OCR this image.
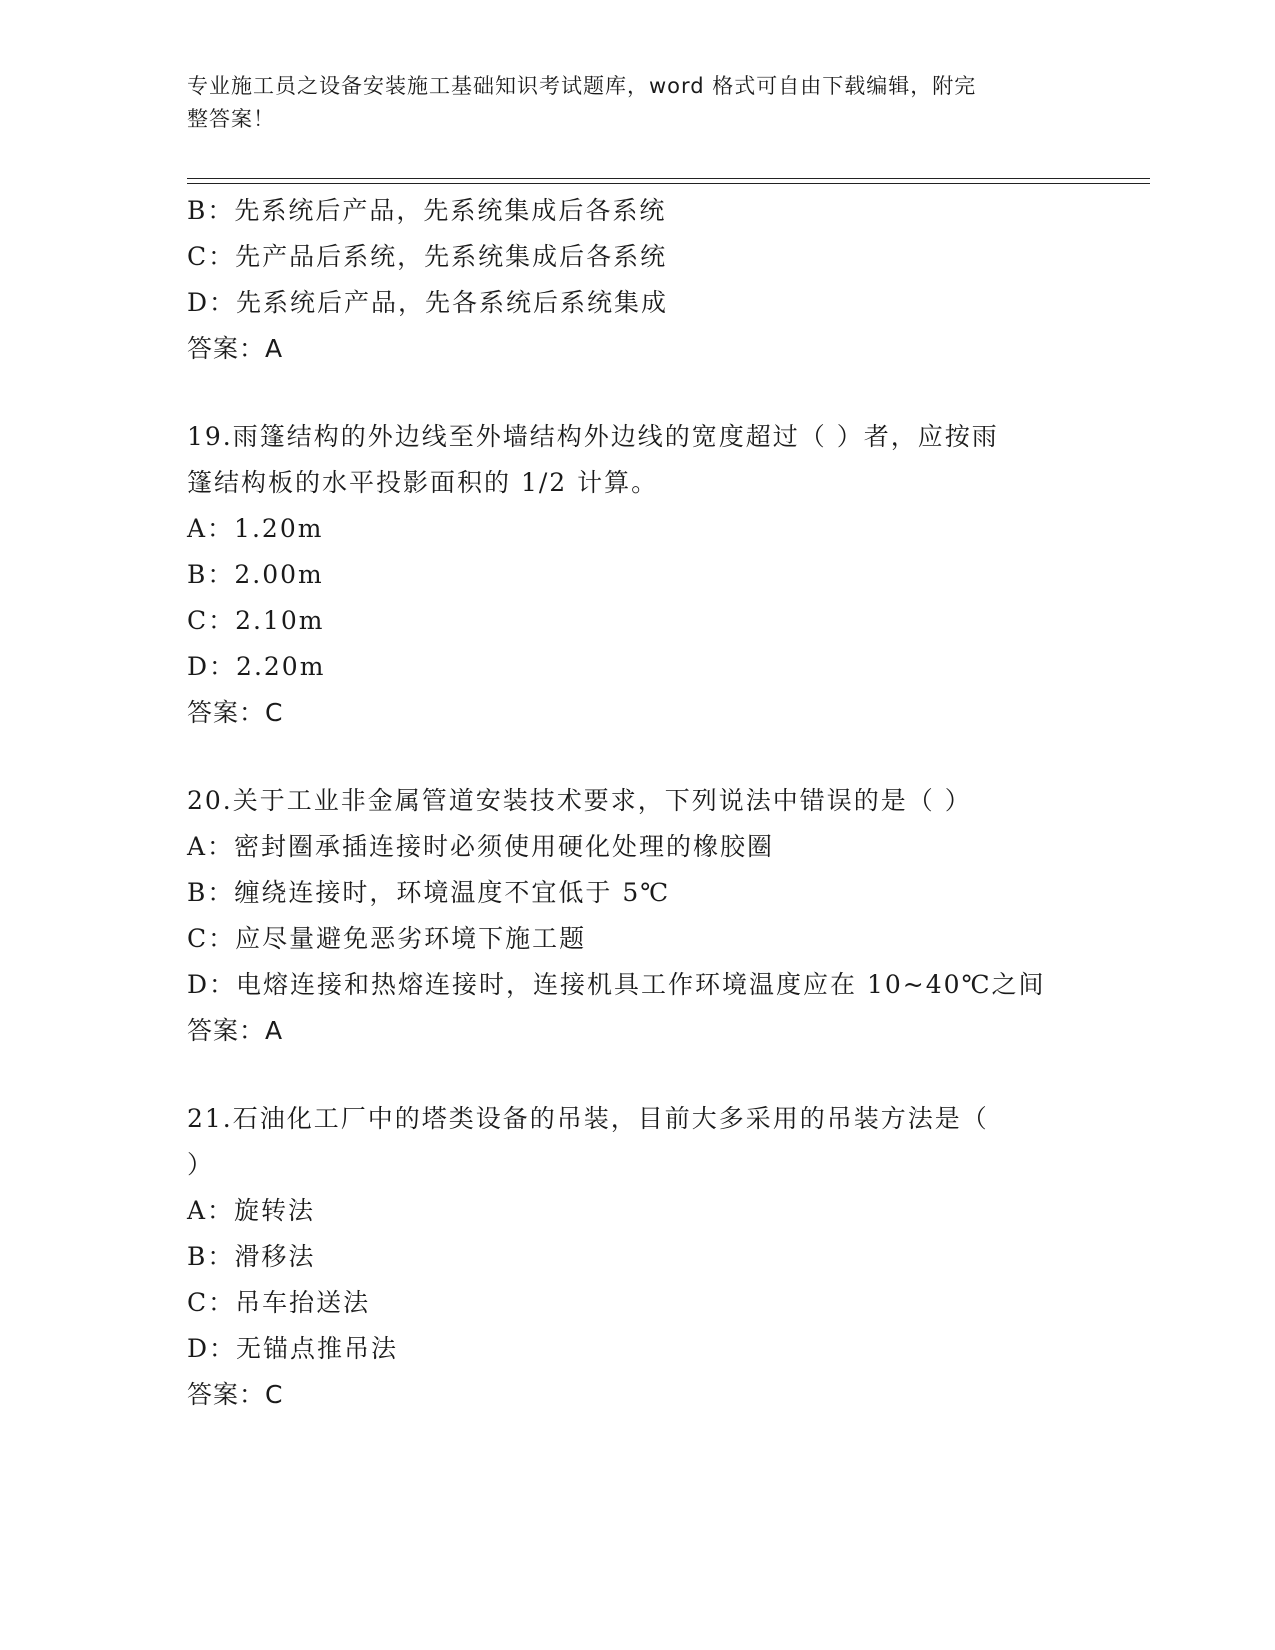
专业施工员之设备安装施工基础知识考试题库，word 格式可自由下载编辑，附完
整答案！
B：先系统后产品，先系统集成后各系统
C：先产品后系统，先系统集成后各系统
D：先系统后产品，先各系统后系统集成
答案：A
19.雨篷结构的外边线至外墙结构外边线的宽度超过（ ）者，应按雨
篷结构板的水平投影面积的 1/2 计算。
A：1.20m
B：2.00m
C：2.10m
D：2.20m
答案：C
20.关于工业非金属管道安装技术要求，下列说法中错误的是（ ）
A：密封圈承插连接时必须使用硬化处理的橡胶圈
B：缠绕连接时，环境温度不宜低于 5℃
C：应尽量避免恶劣环境下施工题
D：电熔连接和热熔连接时，连接机具工作环境温度应在 10~40℃之间
答案：A
21.石油化工厂中的塔类设备的吊装，目前大多采用的吊装方法是（
）
A：旋转法
B：滑移法
C：吊车抬送法
D：无锚点推吊法
答案：C
